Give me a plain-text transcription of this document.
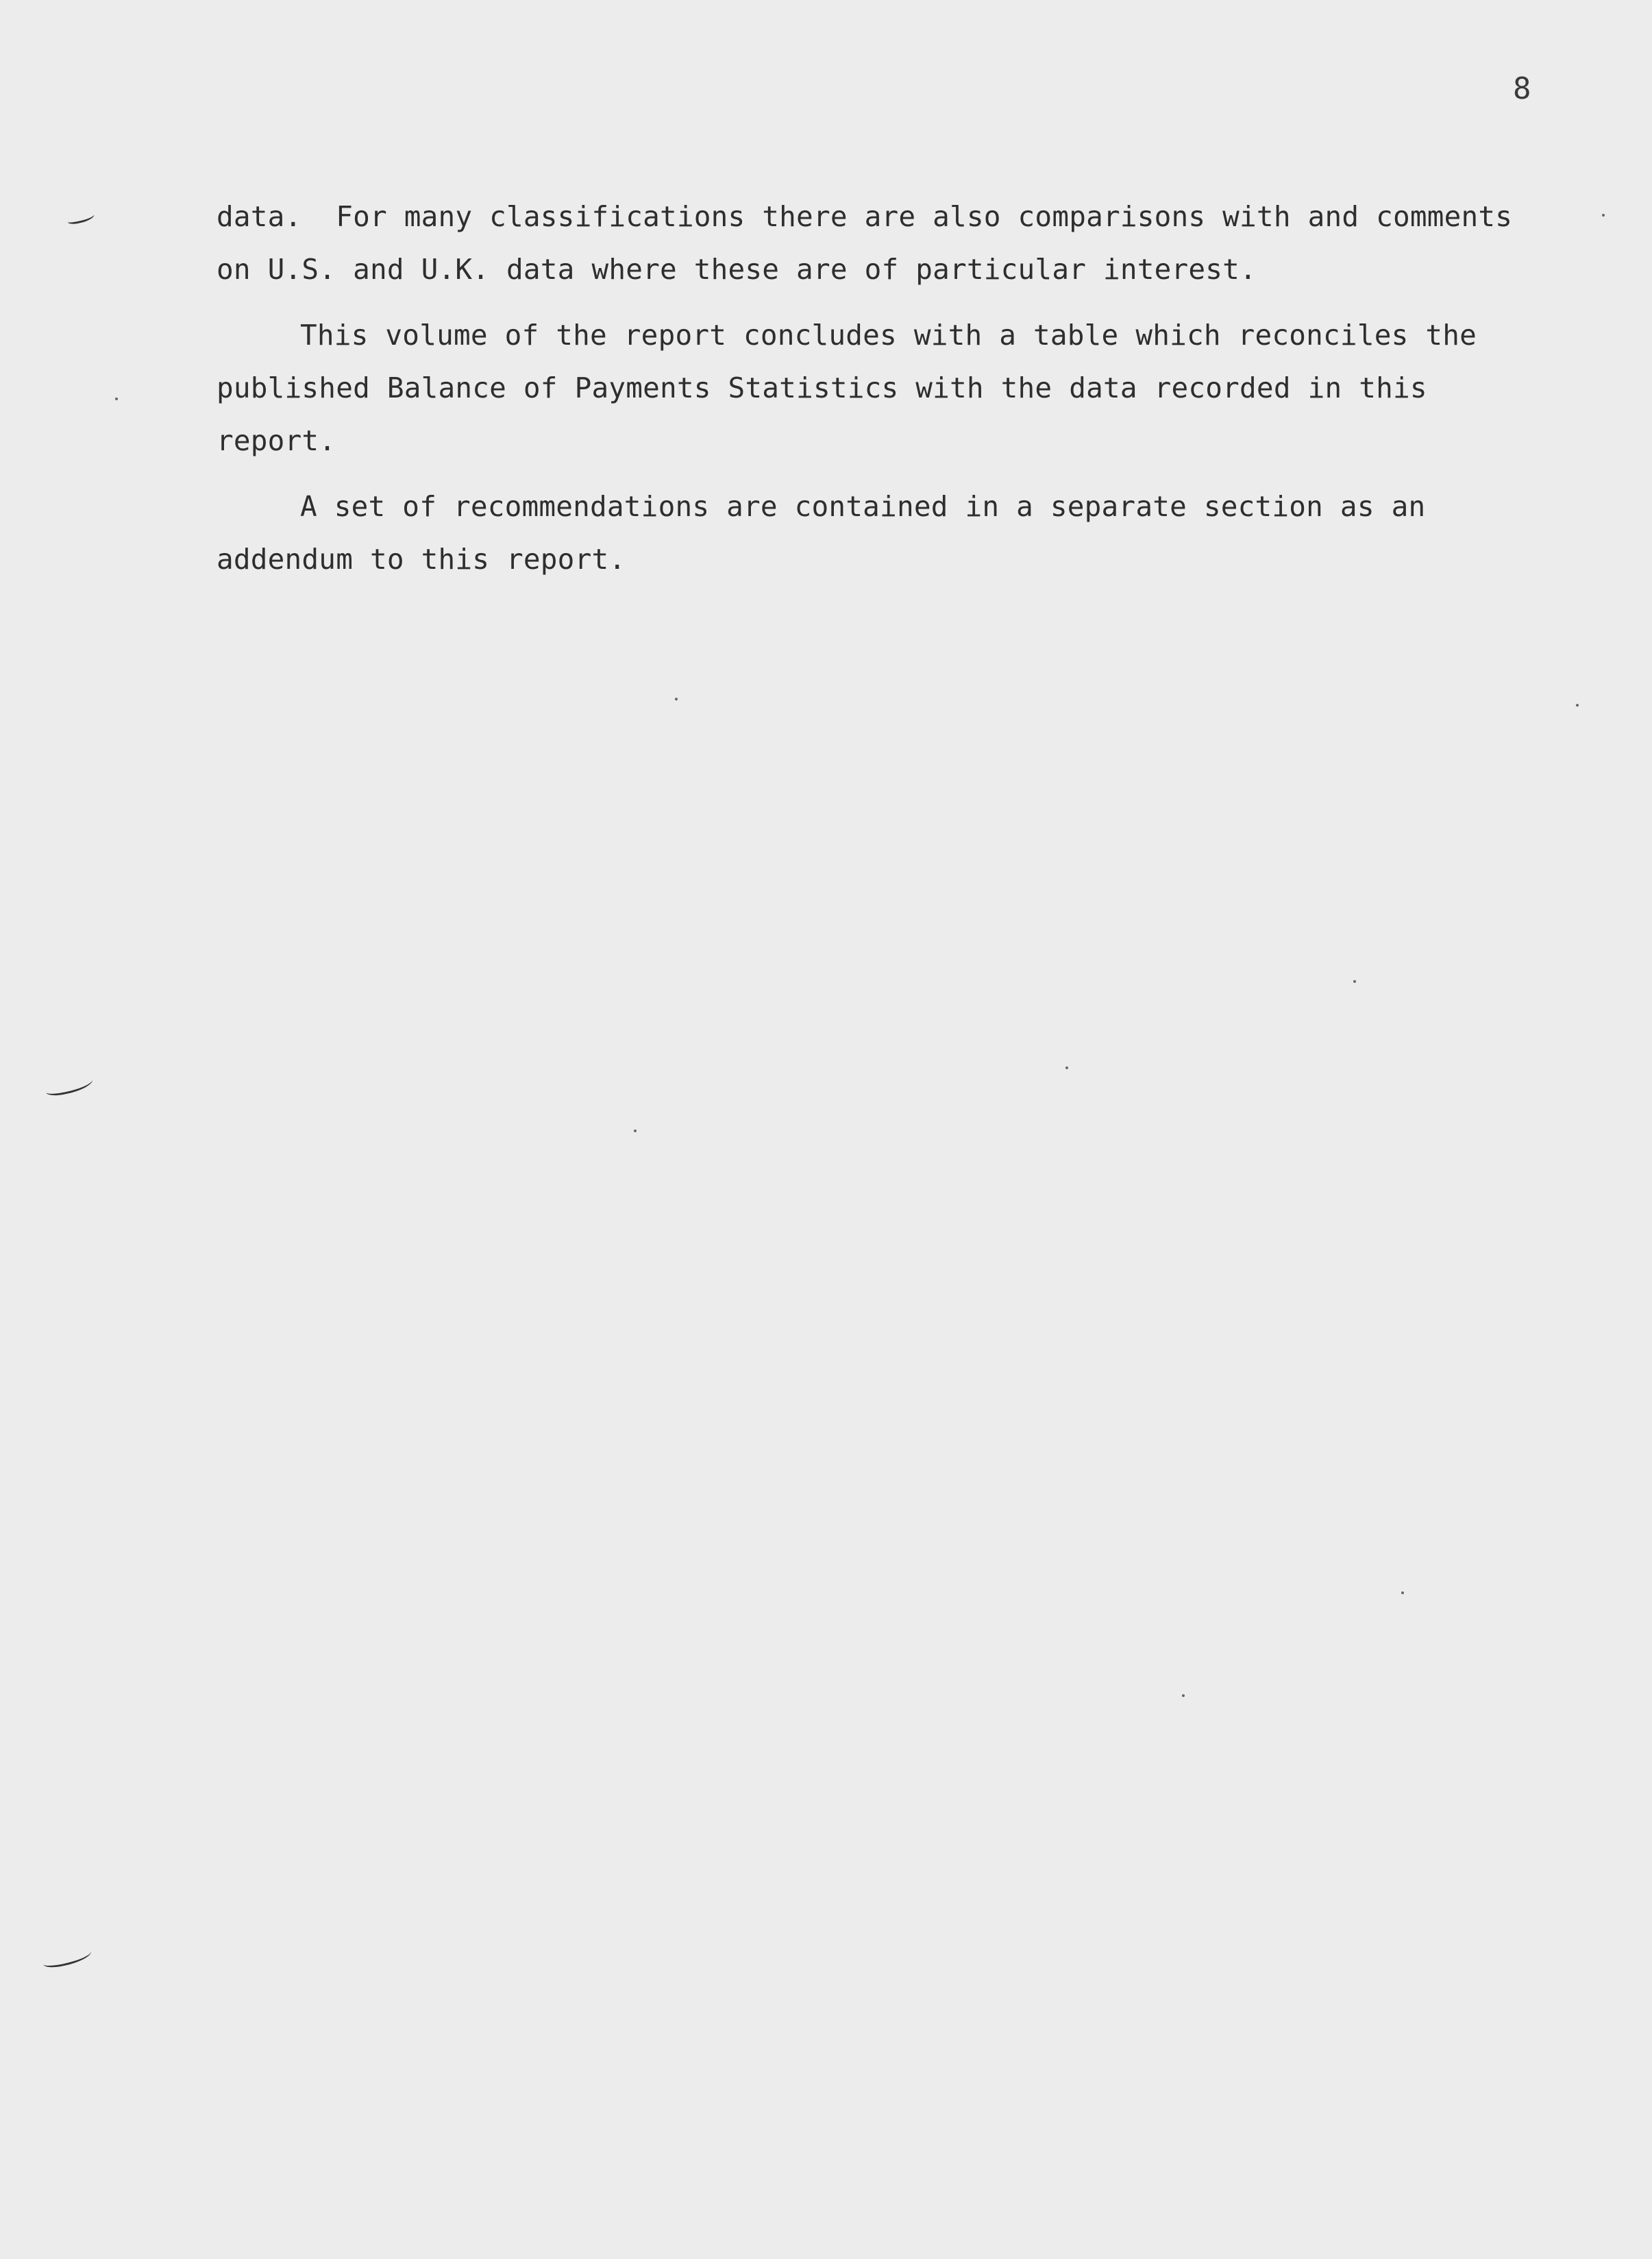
8
data.  For many classifications there are also comparisons with and comments
on U.S. and U.K. data where these are of particular interest.
This volume of the report concludes with a table which reconciles the
published Balance of Payments Statistics with the data recorded in this
report.
A set of recommendations are contained in a separate section as an
addendum to this report.
